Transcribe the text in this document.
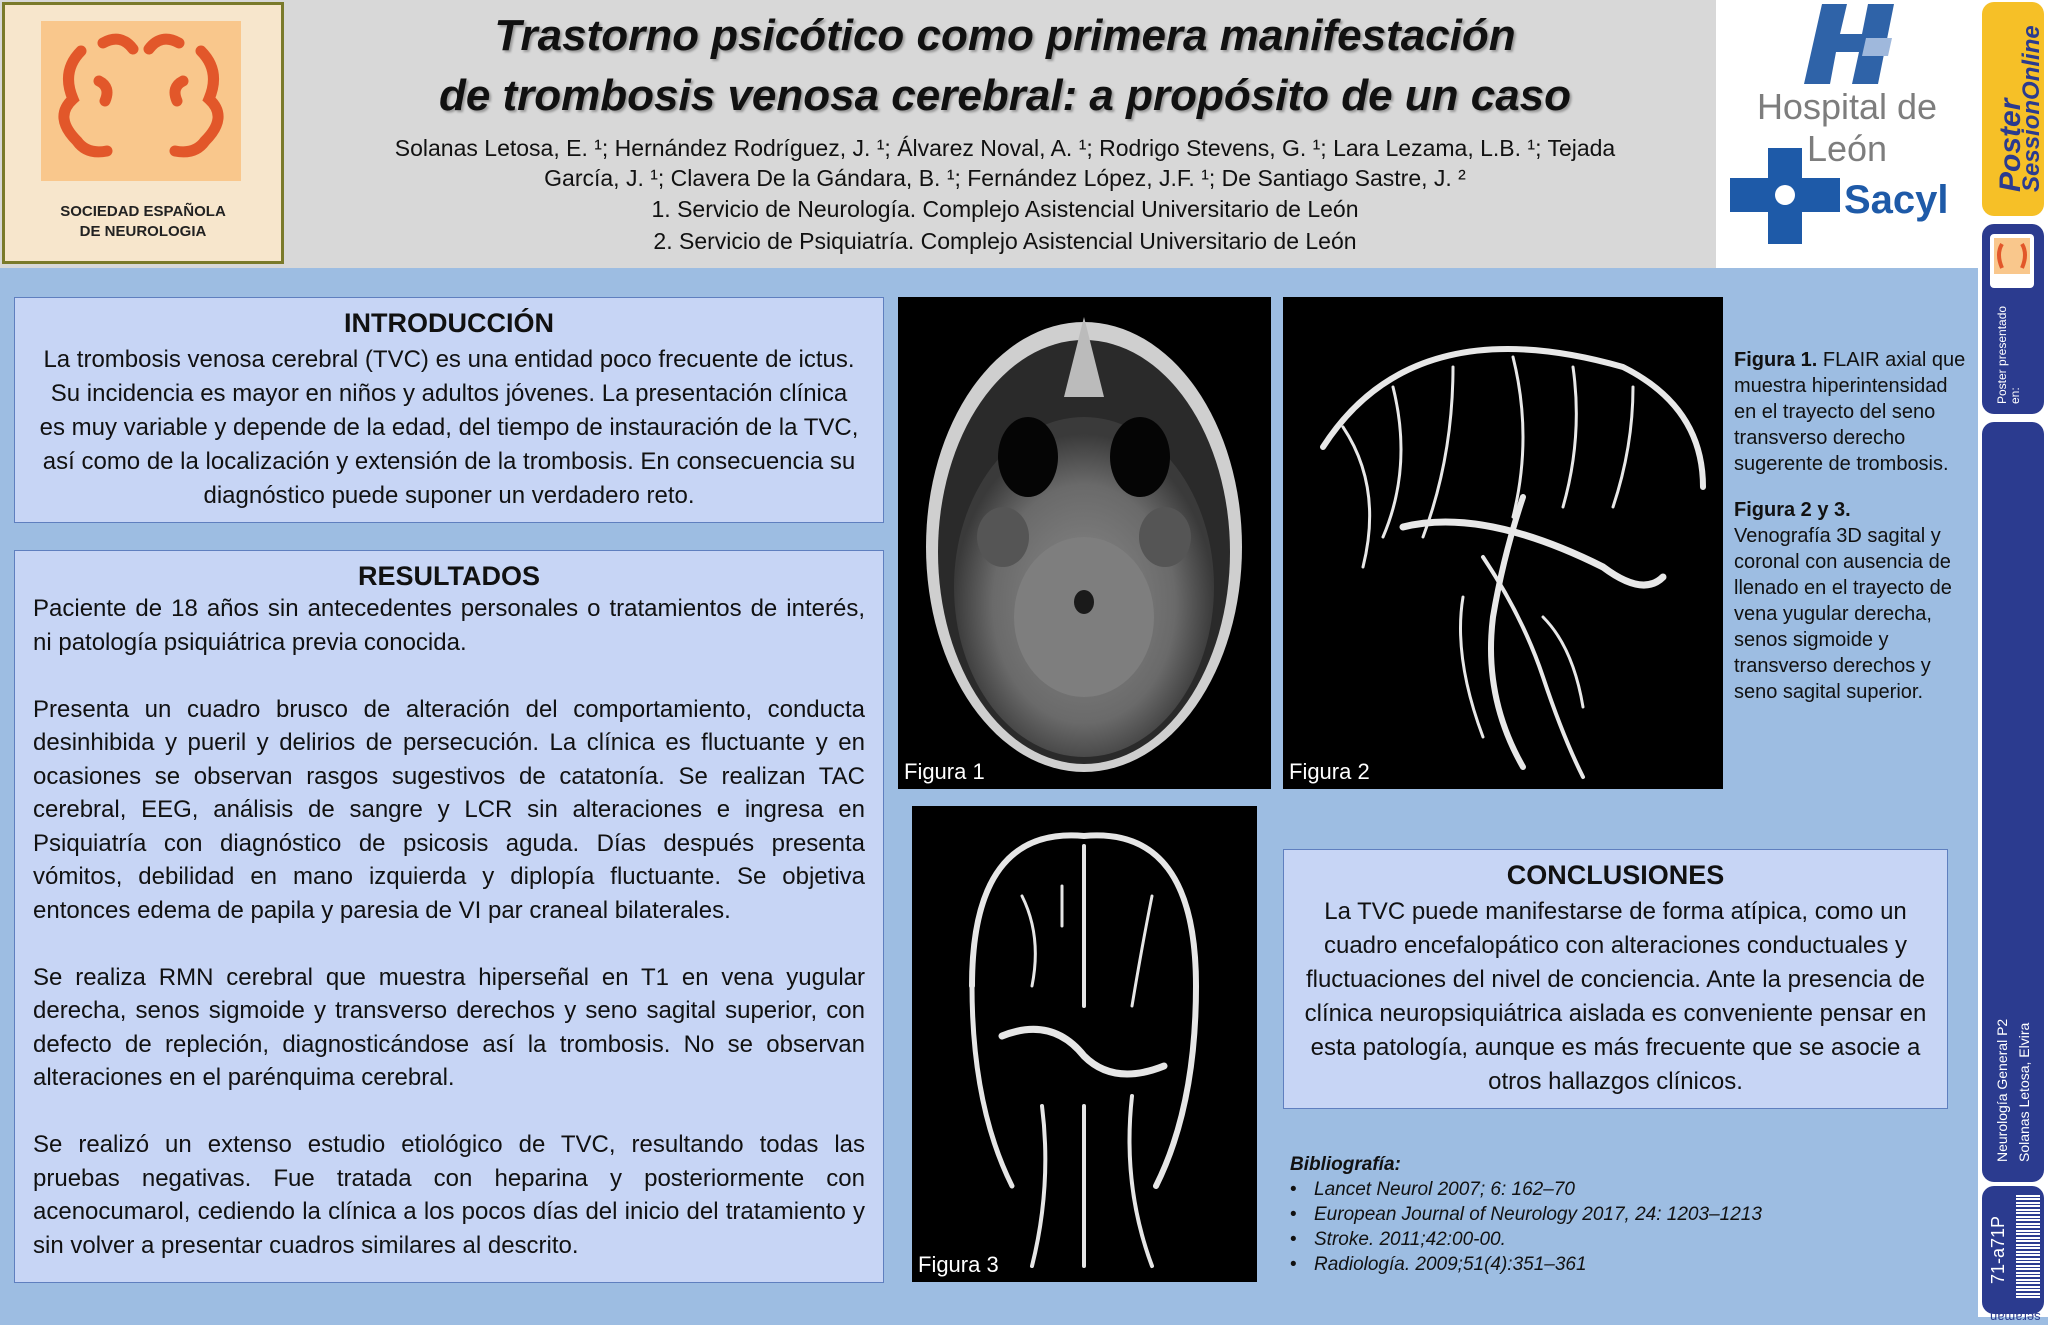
SOCIEDAD ESPAÑOLA
DE NEUROLOGIA
Trastorno psicótico como primera manifestación
de trombosis venosa cerebral: a propósito de un caso
Solanas Letosa, E. ¹; Hernández Rodríguez, J. ¹; Álvarez Noval, A. ¹; Rodrigo Stevens, G. ¹; Lara Lezama, L.B. ¹; Tejada
García, J. ¹; Clavera De la Gándara, B. ¹; Fernández López, J.F. ¹; De Santiago Sastre, J. ²
1. Servicio de Neurología. Complejo Asistencial Universitario de León
2. Servicio de Psiquiatría. Complejo Asistencial Universitario de León
Hospital de León
Sacyl
Poster
SessionOnline
Poster presentado en:
Neurología General P2 Solanas Letosa, Elvira
71-a71P
seraman
INTRODUCCIÓN

La trombosis venosa cerebral (TVC) es una entidad poco frecuente de ictus. Su incidencia es mayor en niños y adultos jóvenes. La presentación clínica es muy variable y depende de la edad, del tiempo de instauración de la TVC, así como de la localización y extensión de la trombosis. En consecuencia su diagnóstico puede suponer un verdadero reto.

RESULTADOS

Paciente de 18 años sin antecedentes personales o tratamientos de interés, ni patología psiquiátrica previa conocida.

Presenta un cuadro brusco de alteración del comportamiento, conducta desinhibida y pueril y delirios de persecución. La clínica es fluctuante y en ocasiones se observan rasgos sugestivos de catatonía. Se realizan TAC cerebral, EEG, análisis de sangre y LCR sin alteraciones e ingresa en Psiquiatría con diagnóstico de psicosis aguda. Días después presenta vómitos, debilidad en mano izquierda y diplopía fluctuante. Se objetiva entonces edema de papila y paresia de VI par craneal bilaterales.

Se realiza RMN cerebral que muestra hiperseñal en T1 en vena yugular derecha, senos sigmoide y transverso derechos y seno sagital superior, con defecto de repleción, diagnosticándose así la trombosis. No se observan alteraciones en el parénquima cerebral.

Se realizó un extenso estudio etiológico de TVC, resultando todas las pruebas negativas. Fue tratada con heparina y posteriormente con acenocumarol, cediendo la clínica a los pocos días del inicio del tratamiento y sin volver a presentar cuadros similares al descrito.

Figura 1	Figura 2
Figura 3

Figura 1. FLAIR axial que muestra hiperintensidad en el trayecto del seno transverso derecho sugerente de trombosis.

Figura 2 y 3.
Venografía 3D sagital y coronal con ausencia de llenado en el trayecto de vena yugular derecha, senos sigmoide y transverso derechos y seno sagital superior.

CONCLUSIONES

La TVC puede manifestarse de forma atípica, como un cuadro encefalopático con alteraciones conductuales y fluctuaciones del nivel de conciencia. Ante la presencia de clínica neuropsiquiátrica aislada es conveniente pensar en esta patología, aunque es más frecuente que se asocie a otros hallazgos clínicos.

Bibliografía:
• Lancet Neurol 2007; 6: 162–70
• European Journal of Neurology 2017, 24: 1203–1213
• Stroke. 2011;42:00-00.
• Radiología. 2009;51(4):351–361
